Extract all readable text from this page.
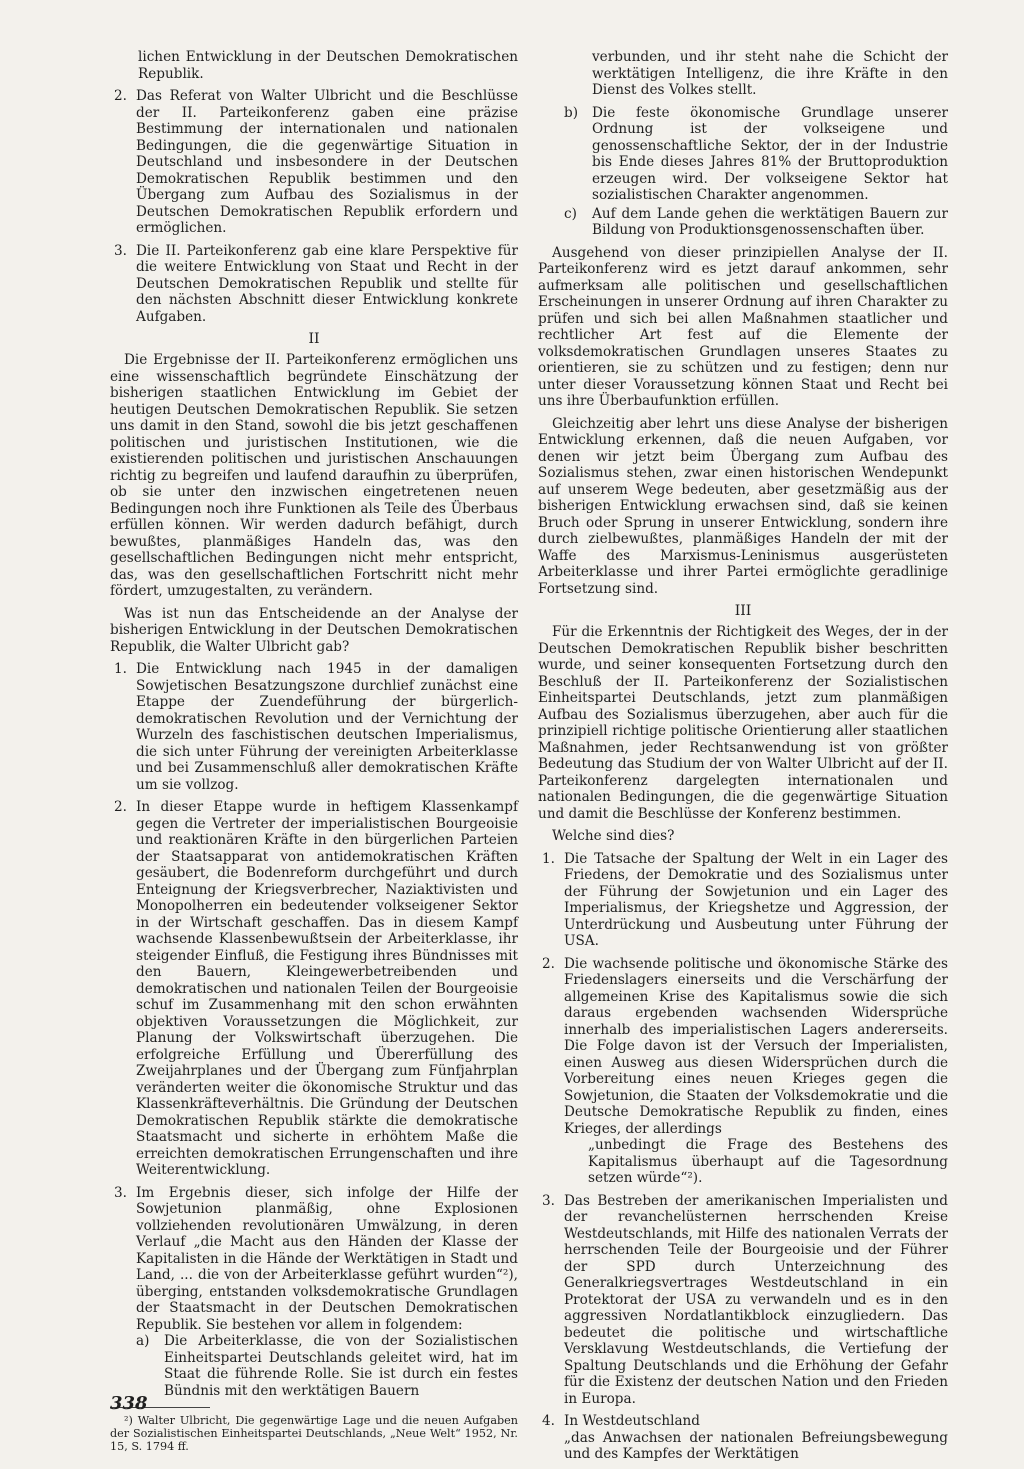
lichen Entwicklung in der Deutschen Demokratischen Republik.

2. Das Referat von Walter Ulbricht und die Beschlüsse der II. Parteikonferenz gaben eine präzise Bestimmung der internationalen und nationalen Bedingungen, die die gegenwärtige Situation in Deutschland und insbesondere in der Deutschen Demokratischen Republik bestimmen und den Übergang zum Aufbau des Sozialismus in der Deutschen Demokratischen Republik erfordern und ermöglichen.
3. Die II. Parteikonferenz gab eine klare Perspektive für die weitere Entwicklung von Staat und Recht in der Deutschen Demokratischen Republik und stellte für den nächsten Abschnitt dieser Entwicklung konkrete Aufgaben.
II

Die Ergebnisse der II. Parteikonferenz ermöglichen uns eine wissenschaftlich begründete Einschätzung der bisherigen staatlichen Entwicklung im Gebiet der heutigen Deutschen Demokratischen Republik. Sie setzen uns damit in den Stand, sowohl die bis jetzt geschaffenen politischen und juristischen Institutionen, wie die existierenden politischen und juristischen Anschauungen richtig zu begreifen und laufend daraufhin zu überprüfen, ob sie unter den inzwischen eingetretenen neuen Bedingungen noch ihre Funktionen als Teile des Überbaus erfüllen können. Wir werden dadurch befähigt, durch bewußtes, planmäßiges Handeln das, was den gesellschaftlichen Bedingungen nicht mehr entspricht, das, was den gesellschaftlichen Fortschritt nicht mehr fördert, umzugestalten, zu verändern.

Was ist nun das Entscheidende an der Analyse der bisherigen Entwicklung in der Deutschen Demokratischen Republik, die Walter Ulbricht gab?

1. Die Entwicklung nach 1945 in der damaligen Sowjetischen Besatzungszone durchlief zunächst eine Etappe der Zuendeführung der bürgerlich-demokratischen Revolution und der Vernichtung der Wurzeln des faschistischen deutschen Imperialismus, die sich unter Führung der vereinigten Arbeiterklasse und bei Zusammenschluß aller demokratischen Kräfte um sie vollzog.
2. In dieser Etappe wurde in heftigem Klassenkampf gegen die Vertreter der imperialistischen Bourgeoisie und reaktionären Kräfte in den bürgerlichen Parteien der Staatsapparat von antidemokratischen Kräften gesäubert, die Bodenreform durchgeführt und durch Enteignung der Kriegsverbrecher, Naziaktivisten und Monopolherren ein bedeutender volkseigener Sektor in der Wirtschaft geschaffen. Das in diesem Kampf wachsende Klassenbewußtsein der Arbeiterklasse, ihr steigender Einfluß, die Festigung ihres Bündnisses mit den Bauern, Kleingewerbetreibenden und demokratischen und nationalen Teilen der Bourgeoisie schuf im Zusammenhang mit den schon erwähnten objektiven Voraussetzungen die Möglichkeit, zur Planung der Volkswirtschaft überzugehen. Die erfolgreiche Erfüllung und Übererfüllung des Zweijahrplanes und der Übergang zum Fünfjahrplan veränderten weiter die ökonomische Struktur und das Klassenkräfteverhältnis. Die Gründung der Deutschen Demokratischen Republik stärkte die demokratische Staatsmacht und sicherte in erhöhtem Maße die erreichten demokratischen Errungenschaften und ihre Weiterentwicklung.
3. Im Ergebnis dieser, sich infolge der Hilfe der Sowjetunion planmäßig, ohne Explosionen vollziehenden revolutionären Umwälzung, in deren Verlauf „die Macht aus den Händen der Klasse der Kapitalisten in die Hände der Werktätigen in Stadt und Land, ... die von der Arbeiterklasse geführt wurden“²), überging, entstanden volksdemokratische Grundlagen der Staatsmacht in der Deutschen Demokratischen Republik. Sie bestehen vor allem in folgendem:
a) Die Arbeiterklasse, die von der Sozialistischen Einheitspartei Deutschlands geleitet wird, hat im Staat die führende Rolle. Sie ist durch ein festes Bündnis mit den werktätigen Bauern

²) Walter Ulbricht, Die gegenwärtige Lage und die neuen Aufgaben der Sozialistischen Einheitspartei Deutschlands, „Neue Welt“ 1952, Nr. 15, S. 1794 ff.

verbunden, und ihr steht nahe die Schicht der werktätigen Intelligenz, die ihre Kräfte in den Dienst des Volkes stellt.

b) Die feste ökonomische Grundlage unserer Ordnung ist der volkseigene und genossenschaftliche Sektor, der in der Industrie bis Ende dieses Jahres 81% der Bruttoproduktion erzeugen wird. Der volkseigene Sektor hat sozialistischen Charakter angenommen.
c) Auf dem Lande gehen die werktätigen Bauern zur Bildung von Produktionsgenossenschaften über.

Ausgehend von dieser prinzipiellen Analyse der II. Parteikonferenz wird es jetzt darauf ankommen, sehr aufmerksam alle politischen und gesellschaftlichen Erscheinungen in unserer Ordnung auf ihren Charakter zu prüfen und sich bei allen Maßnahmen staatlicher und rechtlicher Art fest auf die Elemente der volksdemokratischen Grundlagen unseres Staates zu orientieren, sie zu schützen und zu festigen; denn nur unter dieser Voraussetzung können Staat und Recht bei uns ihre Überbaufunktion erfüllen.

Gleichzeitig aber lehrt uns diese Analyse der bisherigen Entwicklung erkennen, daß die neuen Aufgaben, vor denen wir jetzt beim Übergang zum Aufbau des Sozialismus stehen, zwar einen historischen Wendepunkt auf unserem Wege bedeuten, aber gesetzmäßig aus der bisherigen Entwicklung erwachsen sind, daß sie keinen Bruch oder Sprung in unserer Entwicklung, sondern ihre durch zielbewußtes, planmäßiges Handeln der mit der Waffe des Marxismus-Leninismus ausgerüsteten Arbeiterklasse und ihrer Partei ermöglichte geradlinige Fortsetzung sind.

III

Für die Erkenntnis der Richtigkeit des Weges, der in der Deutschen Demokratischen Republik bisher beschritten wurde, und seiner konsequenten Fortsetzung durch den Beschluß der II. Parteikonferenz der Sozialistischen Einheitspartei Deutschlands, jetzt zum planmäßigen Aufbau des Sozialismus überzugehen, aber auch für die prinzipiell richtige politische Orientierung aller staatlichen Maßnahmen, jeder Rechtsanwendung ist von größter Bedeutung das Studium der von Walter Ulbricht auf der II. Parteikonferenz dargelegten internationalen und nationalen Bedingungen, die die gegenwärtige Situation und damit die Beschlüsse der Konferenz bestimmen.

Welche sind dies?

1. Die Tatsache der Spaltung der Welt in ein Lager des Friedens, der Demokratie und des Sozialismus unter der Führung der Sowjetunion und ein Lager des Imperialismus, der Kriegshetze und Aggression, der Unterdrückung und Ausbeutung unter Führung der USA.
2. Die wachsende politische und ökonomische Stärke des Friedenslagers einerseits und die Verschärfung der allgemeinen Krise des Kapitalismus sowie die sich daraus ergebenden wachsenden Widersprüche innerhalb des imperialistischen Lagers andererseits. Die Folge davon ist der Versuch der Imperialisten, einen Ausweg aus diesen Widersprüchen durch die Vorbereitung eines neuen Krieges gegen die Sowjetunion, die Staaten der Volksdemokratie und die Deutsche Demokratische Republik zu finden, eines Krieges, der allerdings

„unbedingt die Frage des Bestehens des Kapitalismus überhaupt auf die Tagesordnung setzen würde“²).

3. Das Bestreben der amerikanischen Imperialisten und der revanchelüsternen herrschenden Kreise Westdeutschlands, mit Hilfe des nationalen Verrats der herrschenden Teile der Bourgeoisie und der Führer der SPD durch Unterzeichnung des Generalkriegsvertrages Westdeutschland in ein Protektorat der USA zu verwandeln und es in den aggressiven Nordatlantikblock einzugliedern. Das bedeutet die politische und wirtschaftliche Versklavung Westdeutschlands, die Vertiefung der Spaltung Deutschlands und die Erhöhung der Gefahr für die Existenz der deutschen Nation und den Frieden in Europa.
4. In Westdeutschland

„das Anwachsen der nationalen Befreiungsbewegung und des Kampfes der Werktätigen

338
